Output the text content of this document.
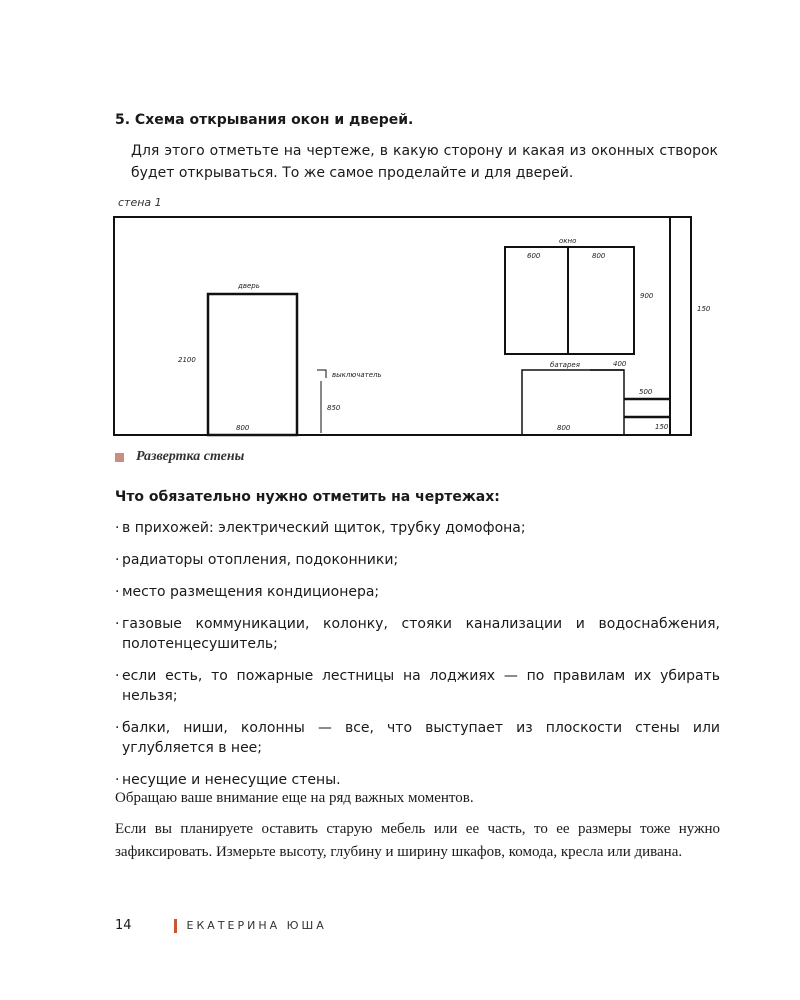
5. Схема открывания окон и дверей.
Для этого отметьте на чертеже, в какую сторону и какая из оконных створок будет открываться. То же самое проделайте и для дверей.
стена 1
дверь
2100
800
окно
600	800
900
150
выключатель
850
батарея	400
800
500
150
Развертка стены
Что обязательно нужно отметить на чертежах:
· в прихожей: электрический щиток, трубку домофона;
· радиаторы отопления, подоконники;
· место размещения кондиционера;
· газовые коммуникации, колонку, стояки канализации и водоснабжения, полотенцесушитель;
· если есть, то пожарные лестницы на лоджиях — по правилам их убирать нельзя;
· балки, ниши, колонны — все, что выступает из плоскости стены или углубляется в нее;
· несущие и ненесущие стены.
Обращаю ваше внимание еще на ряд важных моментов.
Если вы планируете оставить старую мебель или ее часть, то ее размеры тоже нужно зафиксировать. Измерьте высоту, глубину и ширину шкафов, комода, кресла или дивана.
14	ЕКАТЕРИНА ЮША
